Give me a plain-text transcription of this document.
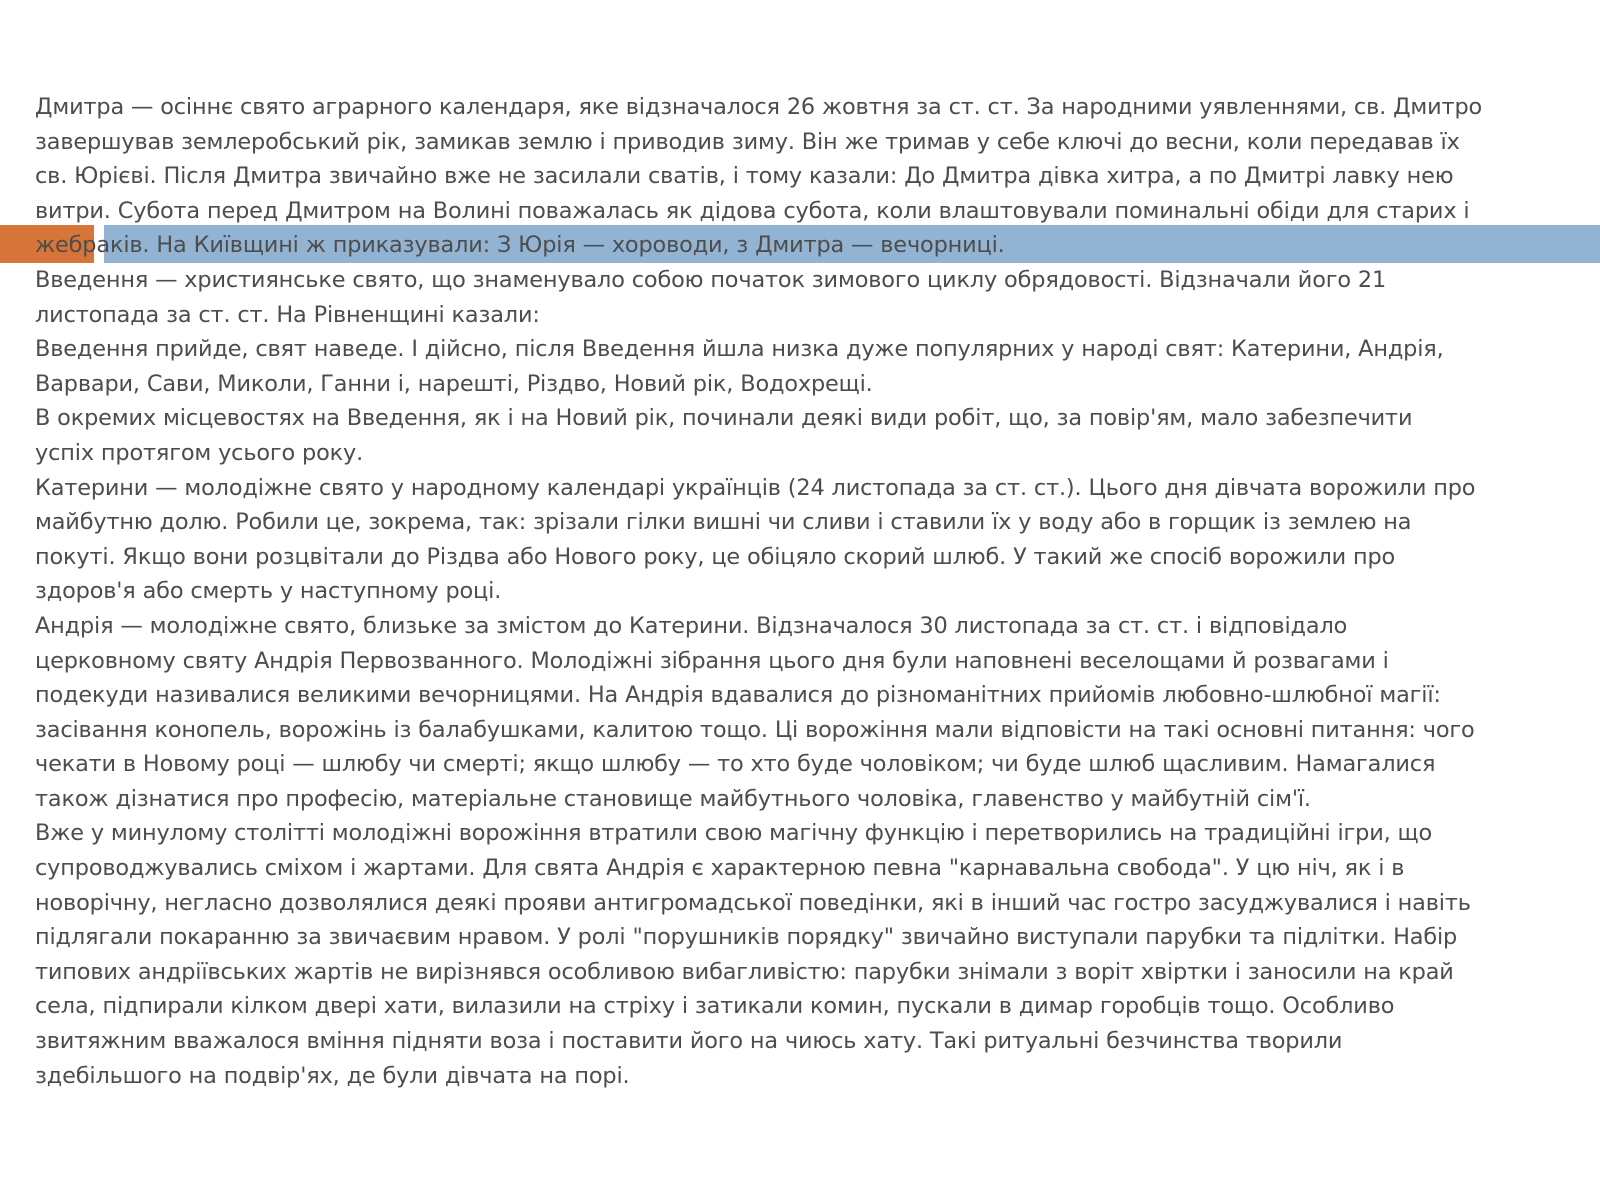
Дмитра — осіннє свято аграрного календаря, яке відзначалося 26 жовтня за ст. ст. За народними уявленнями, св. Дмитро

завершував землеробський рік, замикав землю і приводив зиму. Він же тримав у себе ключі до весни, коли передавав їх

св. Юрієві. Після Дмитра звичайно вже не засилали сватів, і тому казали: До Дмитра дівка хитра, а по Дмитрі лавку нею

витри. Субота перед Дмитром на Волині поважалась як дідова субота, коли влаштовували поминальні обіди для старих і

жебраків. На Київщині ж приказували: З Юрія — хороводи, з Дмитра — вечорниці.

Введення — християнське свято, що знаменувало собою початок зимового циклу обрядовості. Відзначали його 21

листопада за ст. ст. На Рівненщині казали:

Введення прийде, свят наведе. І дійсно, після Введення йшла низка дуже популярних у народі свят: Катерини, Андрія,

Варвари, Сави, Миколи, Ганни і, нарешті, Різдво, Новий рік, Водохрещі.

В окремих місцевостях на Введення, як і на Новий рік, починали деякі види робіт, що, за повір'ям, мало забезпечити

успіх протягом усього року.

Катерини — молодіжне свято у народному календарі українців (24 листопада за ст. ст.). Цього дня дівчата ворожили про

майбутню долю. Робили це, зокрема, так: зрізали гілки вишні чи сливи і ставили їх у воду або в горщик із землею на

покуті. Якщо вони розцвітали до Різдва або Нового року, це обіцяло скорий шлюб. У такий же спосіб ворожили про

здоров'я або смерть у наступному році.

Андрія — молодіжне свято, близьке за змістом до Катерини. Відзначалося 30 листопада за ст. ст. і відповідало

церковному святу Андрія Первозванного. Молодіжні зібрання цього дня були наповнені веселощами й розвагами і

подекуди називалися великими вечорницями. На Андрія вдавалися до різноманітних прийомів любовно-шлюбної магії:

засівання конопель, ворожінь із балабушками, калитою тощо. Ці ворожіння мали відповісти на такі основні питання: чого

чекати в Новому році — шлюбу чи смерті; якщо шлюбу — то хто буде чоловіком; чи буде шлюб щасливим. Намагалися

також дізнатися про професію, матеріальне становище майбутнього чоловіка, главенство у майбутній сім'ї.

Вже у минулому столітті молодіжні ворожіння втратили свою магічну функцію і перетворились на традиційні ігри, що

супроводжувались сміхом і жартами. Для свята Андрія є характерною певна "карнавальна свобода". У цю ніч, як і в

новорічну, негласно дозволялися деякі прояви антигромадської поведінки, які в інший час гостро засуджувалися і навіть

підлягали покаранню за звичаєвим нравом. У ролі "порушників порядку" звичайно виступали парубки та підлітки. Набір

типових андріївських жартів не вирізнявся особливою вибагливістю: парубки знімали з воріт хвіртки і заносили на край

села, підпирали кілком двері хати, вилазили на стріху і затикали комин, пускали в димар горобців тощо. Особливо

звитяжним вважалося вміння підняти воза і поставити його на чиюсь хату. Такі ритуальні безчинства творили

здебільшого на подвір'ях, де були дівчата на порі.
